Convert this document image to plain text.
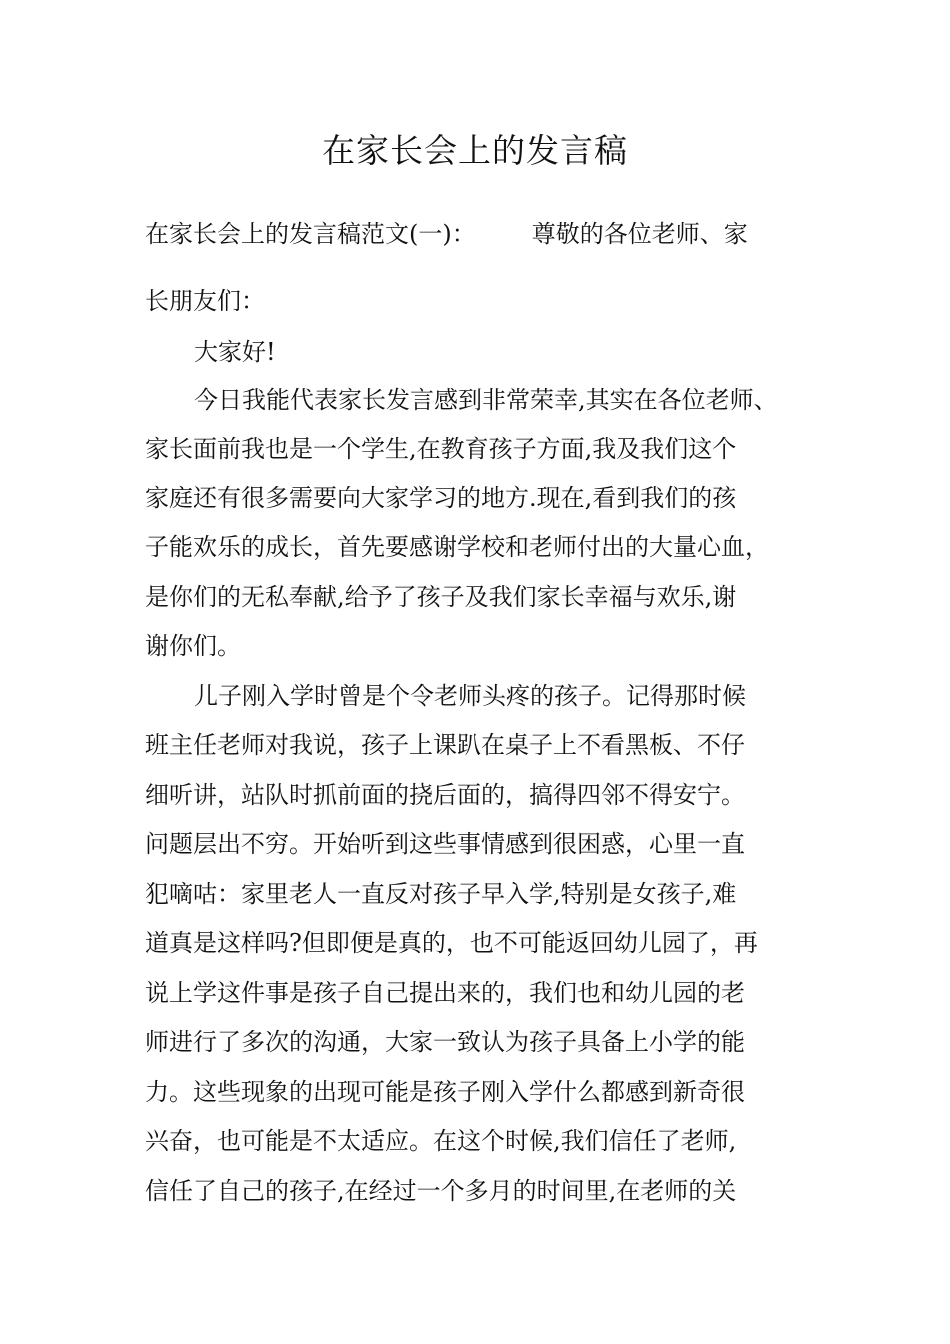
在家长会上的发言稿

在家长会上的发言稿范文(一)： 尊敬的各位老师、家

长朋友们：

大家好!

今日我能代表家长发言感到非常荣幸,其实在各位老师、

家长面前我也是一个学生,在教育孩子方面,我及我们这个

家庭还有很多需要向大家学习的地方.现在,看到我们的孩

子能欢乐的成长，首先要感谢学校和老师付出的大量心血，

是你们的无私奉献,给予了孩子及我们家长幸福与欢乐,谢

谢你们。

儿子刚入学时曾是个令老师头疼的孩子。记得那时候

班主任老师对我说，孩子上课趴在桌子上不看黑板、不仔

细听讲，站队时抓前面的挠后面的，搞得四邻不得安宁。

问题层出不穷。开始听到这些事情感到很困惑，心里一直

犯嘀咕：家里老人一直反对孩子早入学,特别是女孩子,难

道真是这样吗?但即便是真的，也不可能返回幼儿园了，再

说上学这件事是孩子自己提出来的，我们也和幼儿园的老

师进行了多次的沟通，大家一致认为孩子具备上小学的能

力。这些现象的出现可能是孩子刚入学什么都感到新奇很

兴奋，也可能是不太适应。在这个时候,我们信任了老师,

信任了自己的孩子,在经过一个多月的时间里,在老师的关
